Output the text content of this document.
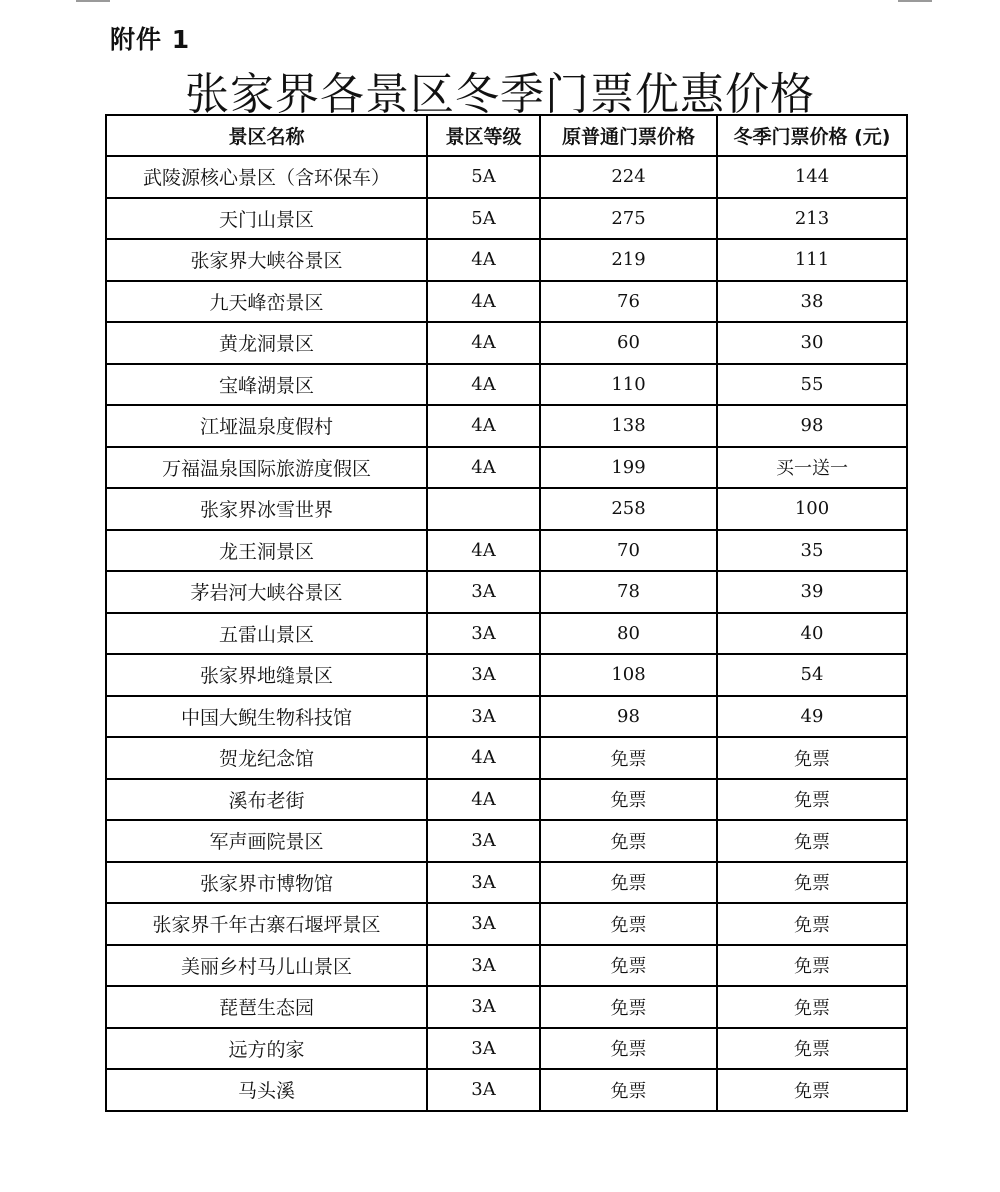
附件 1
张家界各景区冬季门票优惠价格
景区名称	景区等级	原普通门票价格	冬季门票价格 (元)
武陵源核心景区（含环保车）	5A	224	144
天门山景区	5A	275	213
张家界大峡谷景区	4A	219	111
九天峰峦景区	4A	76	38
黄龙洞景区	4A	60	30
宝峰湖景区	4A	110	55
江垭温泉度假村	4A	138	98
万福温泉国际旅游度假区	4A	199	买一送一
张家界冰雪世界		258	100
龙王洞景区	4A	70	35
茅岩河大峡谷景区	3A	78	39
五雷山景区	3A	80	40
张家界地缝景区	3A	108	54
中国大鲵生物科技馆	3A	98	49
贺龙纪念馆	4A	免票	免票
溪布老街	4A	免票	免票
军声画院景区	3A	免票	免票
张家界市博物馆	3A	免票	免票
张家界千年古寨石堰坪景区	3A	免票	免票
美丽乡村马儿山景区	3A	免票	免票
琵琶生态园	3A	免票	免票
远方的家	3A	免票	免票
马头溪	3A	免票	免票
